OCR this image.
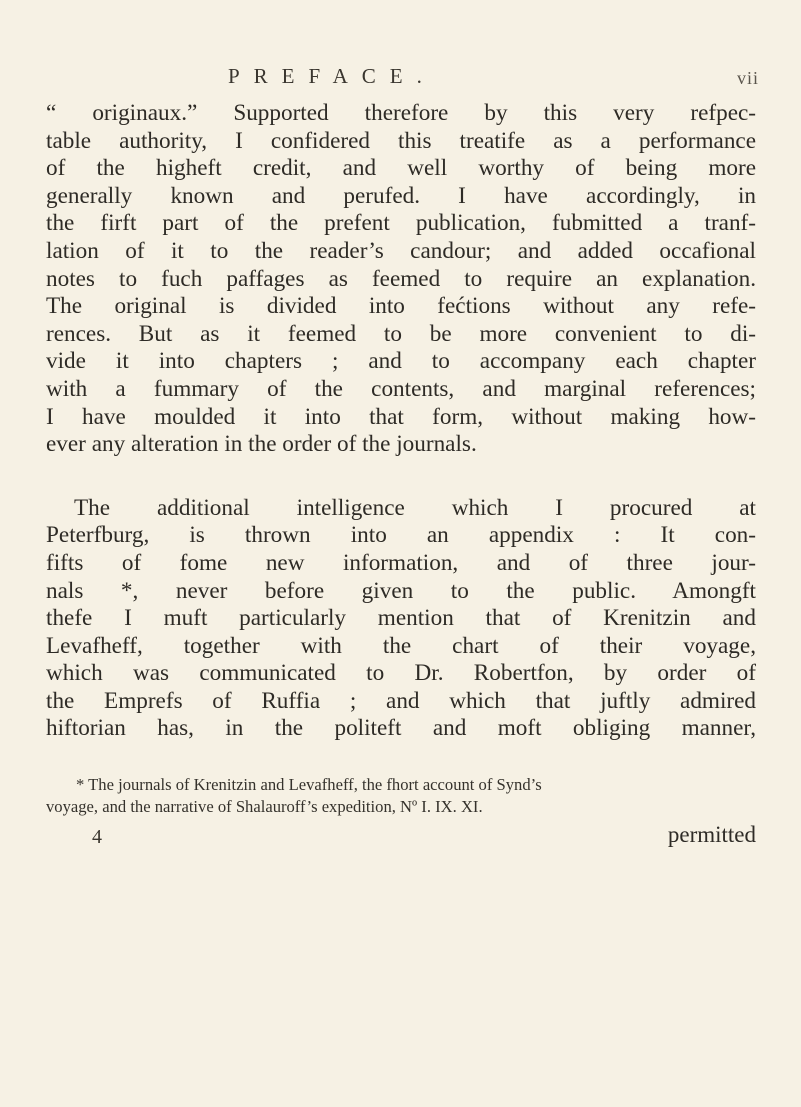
PREFACE.	vii

“ originaux.” Supported therefore by this very refpec-
table authority, I confidered this treatife as a performance
of the higheft credit, and well worthy of being more
generally known and perufed. I have accordingly, in
the firft part of the prefent publication, fubmitted a tranf-
lation of it to the reader’s candour; and added occafional
notes to fuch paffages as feemed to require an explanation.
The original is divided into fećtions without any refe-
rences. But as it feemed to be more convenient to di-
vide it into chapters ; and to accompany each chapter
with a fummary of the contents, and marginal references;
I have moulded it into that form, without making how-
ever any alteration in the order of the journals.

The additional intelligence which I procured at
Peterfburg, is thrown into an appendix : It con-
fifts of fome new information, and of three jour-
nals *, never before given to the public. Amongft
thefe I muft particularly mention that of Krenitzin and
Levafheff, together with the chart of their voyage,
which was communicated to Dr. Robertfon, by order of
the Emprefs of Ruffia ; and which that juftly admired
hiftorian has, in the politeft and moft obliging manner,

* The journals of Krenitzin and Levafheff, the fhort account of Synd’s
voyage, and the narrative of Shalauroff’s expedition, Nº I. IX. XI.
4	permitted
